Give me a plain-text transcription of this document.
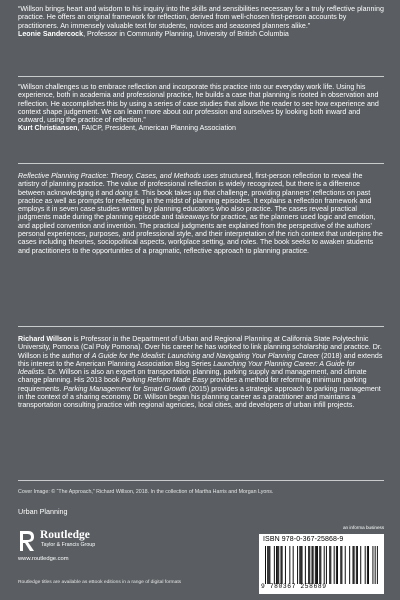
“Willson brings heart and wisdom to his inquiry into the skills and sensibilities necessary for a truly reflective planning practice. He offers an original framework for reflection, derived from well-chosen first-person accounts by practitioners. An immensely valuable text for students, novices and seasoned planners alike.”
Leonie Sandercock, Professor in Community Planning, University of British Columbia

“Willson challenges us to embrace reflection and incorporate this practice into our everyday work life. Using his experience, both in academia and professional practice, he builds a case that planning is rooted in observation and reflection. He accomplishes this by using a series of case studies that allows the reader to see how experience and context shape judgement. We can learn more about our profession and ourselves by looking both inward and outward, using the practice of reflection.”
Kurt Christiansen, FAICP, President, American Planning Association

Reflective Planning Practice: Theory, Cases, and Methods uses structured, first-person reflection to reveal the artistry of planning practice. The value of professional reflection is widely recognized, but there is a difference between acknowledging it and doing it. This book takes up that challenge, providing planners’ reflections on past practice as well as prompts for reflecting in the midst of planning episodes. It explains a reflection framework and employs it in seven case studies written by planning educators who also practice. The cases reveal practical judgments made during the planning episode and takeaways for practice, as the planners used logic and emotion, and applied convention and invention. The practical judgments are explained from the perspective of the authors’ personal experiences, purposes, and professional style, and their interpretation of the rich context that underpins the cases including theories, sociopolitical aspects, workplace setting, and roles. The book seeks to awaken students and practitioners to the opportunities of a pragmatic, reflective approach to planning practice.

Richard Willson is Professor in the Department of Urban and Regional Planning at California State Polytechnic University, Pomona (Cal Poly Pomona). Over his career he has worked to link planning scholarship and practice. Dr. Willson is the author of A Guide for the Idealist: Launching and Navigating Your Planning Career (2018) and extends this interest to the American Planning Association Blog Series Launching Your Planning Career: A Guide for Idealists. Dr. Willson is also an expert on transportation planning, parking supply and management, and climate change planning. His 2013 book Parking Reform Made Easy provides a method for reforming minimum parking requirements. Parking Management for Smart Growth (2015) provides a strategic approach to parking management in the context of a sharing economy. Dr. Willson began his planning career as a practitioner and maintains a transportation consulting practice with regional agencies, local cities, and developers of urban infill projects.

Cover Image: © “The Approach,” Richard Willson, 2018. In the collection of Martha Harris and Morgan Lyons.

Urban Planning

Routledge

Taylor & Francis Group

www.routledge.com

Routledge titles are available as eBook editions in a range of digital formats

an informa business

ISBN 978-0-367-25868-9

9 780367 258689
